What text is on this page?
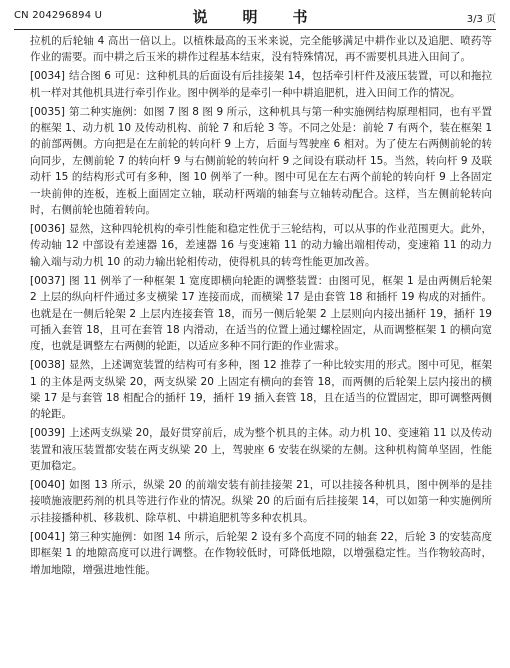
CN 204296894 U	说　明　书	3/3 页

拉机的后轮轴 4 高出一倍以上。以植株最高的玉米来说，完全能够满足中耕作业以及追肥、喷药等作业的需要。而中耕之后玉米的耕作过程基本结束，没有特殊情况，再不需要机具进入田间了。

[0034] 结合图 6 可见：这种机具的后面设有后挂接架 14，包括牵引杆件及液压装置，可以和拖拉机一样对其他机具进行牵引作业。图中例举的是牵引一种中耕追肥机，进入田间工作的情况。

[0035] 第二种实施例：如图 7 图 8 图 9 所示，这种机具与第一种实施例结构原理相同，也有平置的框架 1、动力机 10 及传动机构、前轮 7 和后轮 3 等。不同之处是：前轮 7 有两个，装在框架 1 的前部两侧。方向把是在左前轮的转向杆 9 上方，后面与驾驶座 6 相对。为了使左右两侧前轮的转向同步，左侧前轮 7 的转向杆 9 与右侧前轮的转向杆 9 之间设有联动杆 15。当然，转向杆 9 及联动杆 15 的结构形式可有多种，图 10 例举了一种。图中可见在左右两个前轮的转向杆 9 上各固定一块前伸的连板，连板上面固定立轴，联动杆两端的轴套与立轴转动配合。这样，当左侧前轮转向时，右侧前轮也随着转向。

[0036] 显然，这种四轮机构的牵引性能和稳定性优于三轮结构，可以从事的作业范围更大。此外，传动轴 12 中部设有差速器 16，差速器 16 与变速箱 11 的动力输出端相传动，变速箱 11 的动力输入端与动力机 10 的动力输出轮相传动，使得机具的转弯性能更加改善。

[0037] 图 11 例举了一种框架 1 宽度即横向轮距的调整装置：由图可见，框架 1 是由两侧后轮架 2 上层的纵向杆件通过多支横梁 17 连接而成，而横梁 17 是由套管 18 和插杆 19 构成的对插件。也就是在一侧后轮架 2 上层内连接套管 18，而另一侧后轮架 2 上层则向内接出插杆 19，插杆 19 可插入套管 18，且可在套管 18 内滑动，在适当的位置上通过螺栓固定，从而调整框架 1 的横向宽度，也就是调整左右两侧的轮距，以适应多种不同行距的作业需求。

[0038] 显然，上述调宽装置的结构可有多种，图 12 推荐了一种比较实用的形式。图中可见，框架 1 的主体是两支纵梁 20，两支纵梁 20 上固定有横向的套管 18，而两侧的后轮架上层内接出的横梁 17 是与套管 18 相配合的插杆 19，插杆 19 插入套管 18，且在适当的位置固定，即可调整两侧的轮距。

[0039] 上述两支纵梁 20，最好贯穿前后，成为整个机具的主体。动力机 10、变速箱 11 以及传动装置和液压装置都安装在两支纵梁 20 上，驾驶座 6 安装在纵梁的左侧。这种机构简单坚固，性能更加稳定。

[0040] 如图 13 所示，纵梁 20 的前端安装有前挂接架 21，可以挂接各种机具，图中例举的是挂接喷施液肥药剂的机具等进行作业的情况。纵梁 20 的后面有后挂接架 14，可以如第一种实施例所示挂接播种机、移栽机、除草机、中耕追肥机等多种农机具。

[0041] 第三种实施例：如图 14 所示，后轮架 2 设有多个高度不同的轴套 22，后轮 3 的安装高度即框架 1 的地隙高度可以进行调整。在作物较低时，可降低地隙，以增强稳定性。当作物较高时，增加地隙，增强进地性能。
